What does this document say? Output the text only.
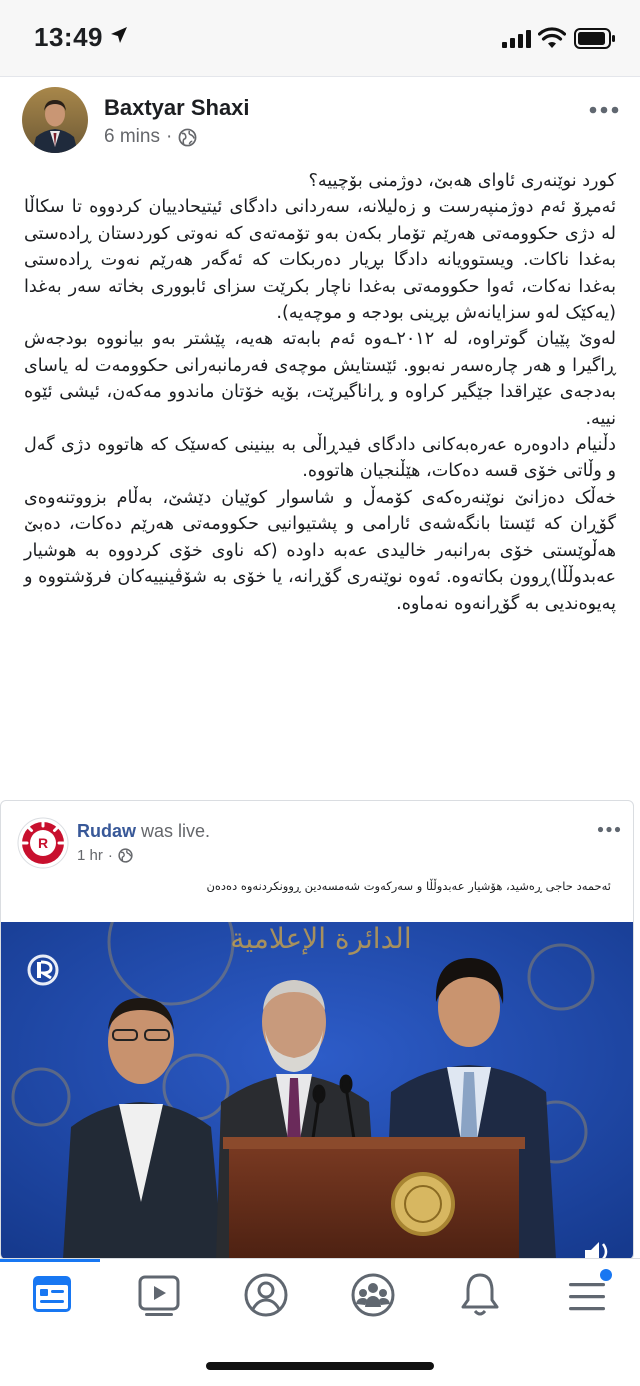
13:49
Baxtyar Shaxi
6 mins ·
کورد نوێنەری ئاوای هەبێ، دوژمنی بۆچییە؟
ئەمڕۆ ئەم دوژمنپەرست و زەلیلانە، سەردانی دادگای ئیتیحادییان کردووە تا سکاڵا لە دژی حکوومەتی هەرێم تۆمار بکەن بەو تۆمەتەی کە نەوتی کوردستان ڕادەستی بەغدا ناکات. ویستوویانە دادگا بڕیار دەربکات کە ئەگەر هەرێم نەوت ڕادەستی بەغدا نەکات، ئەوا حکوومەتی بەغدا ناچار بکرێت سزای ئابووری بخاتە سەر بەغدا (یەکێک لەو سزایانەش بڕینی بودجە و موچەیە).
لەوێ پێیان گوتراوە، لە ٢٠١٢ـەوە ئەم بابەتە هەیە، پێشتر بەو بیانووە بودجەش ڕاگیرا و هەر چارەسەر نەبوو. ئێستایش موچەی فەرمانبەرانی حکوومەت لە یاسای بەدجەی عێراقدا جێگیر کراوە و ڕاناگیرێت، بۆیە خۆتان ماندوو مەکەن، ئیشی ئێوە نییە.
دڵنیام دادوەرە عەرەبەکانی دادگای فیدڕاڵی بە بینینی کەسێک کە هاتووە دژی گەل و وڵاتی خۆی قسە دەکات، هێڵنجیان هاتووە.
خەڵک دەزانێ نوێنەرەکەی کۆمەڵ و شاسوار کوێیان دێشێ، بەڵام بزووتنەوەی گۆڕان کە ئێستا بانگەشەی ئارامی و پشتیوانیی حکوومەتی هەرێم دەکات، دەبێ هەڵوێستی خۆی بەرانبەر خالیدی عەبە داودە (کە ناوی خۆی کردووە بە هوشیار عەبدوڵڵا)ڕوون بکاتەوە. ئەوە نوێنەری گۆڕانە، یا خۆی بە شۆڤینییەکان فرۆشتووە و پەیوەندیی بە گۆڕانەوە نەماوە.
R
Rudaw was live.
1 hr ·
ئەحمەد حاجی ڕەشید، هۆشیار عەبدوڵڵا و سەرکەوت شەمسەدین ڕوونکردنەوە دەدەن
الدائرة الإعلامية
